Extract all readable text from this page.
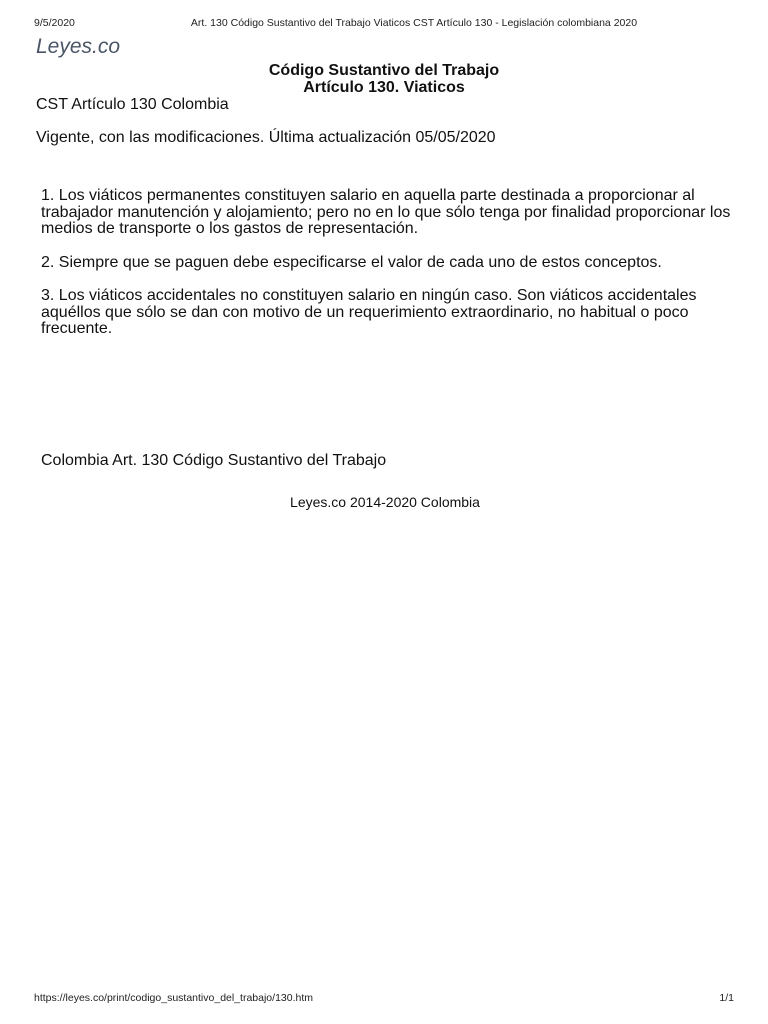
9/5/2020	Art. 130 Código Sustantivo del Trabajo Viaticos CST Artículo 130 - Legislación colombiana 2020
Leyes.co
Código Sustantivo del Trabajo
Artículo 130. Viaticos

CST Artículo 130 Colombia

Vigente, con las modificaciones. Última actualización 05/05/2020

1. Los viáticos permanentes constituyen salario en aquella parte destinada a proporcionar al trabajador manutención y alojamiento; pero no en lo que sólo tenga por finalidad proporcionar los medios de transporte o los gastos de representación.

2. Siempre que se paguen debe especificarse el valor de cada uno de estos conceptos.

3. Los viáticos accidentales no constituyen salario en ningún caso. Son viáticos accidentales aquéllos que sólo se dan con motivo de un requerimiento extraordinario, no habitual o poco frecuente.

Colombia Art. 130 Código Sustantivo del Trabajo

Leyes.co 2014-2020 Colombia

https://leyes.co/print/codigo_sustantivo_del_trabajo/130.htm	1/1
